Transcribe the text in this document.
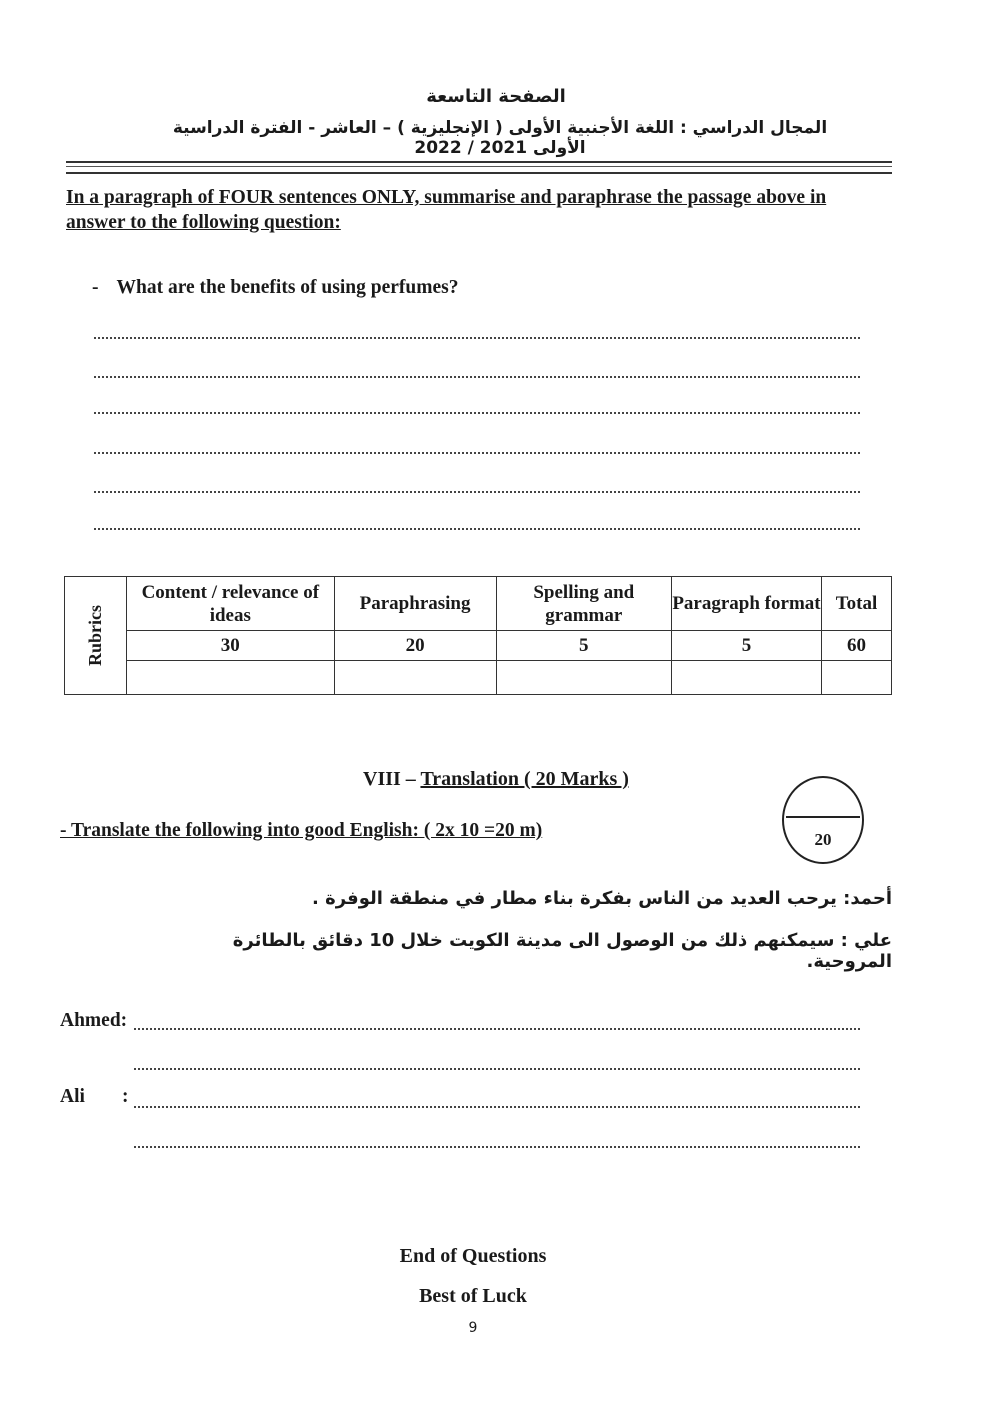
الصفحة التاسعة
المجال الدراسي : اللغة الأجنبية الأولى ( الإنجليزية ) – العاشر - الفترة الدراسية الأولى 2021 / 2022
In a paragraph of FOUR sentences ONLY, summarise and paraphrase the passage above in answer to the following question:
- What are the benefits of using perfumes?
Rubrics	Content / relevance of ideas	Paraphrasing	Spelling and grammar	Paragraph format	Total
	30	20	5	5	60

VIII – Translation ( 20 Marks )
- Translate the following into good English: ( 2x 10 =20 m)	20
أحمد: يرحب العديد من الناس بفكرة بناء مطار في منطقة الوفرة .
علي : سيمكنهم ذلك من الوصول الى مدينة الكويت خلال 10 دقائق بالطائرة المروحية.
Ahmed:
Ali :
End of Questions
Best of Luck
9
